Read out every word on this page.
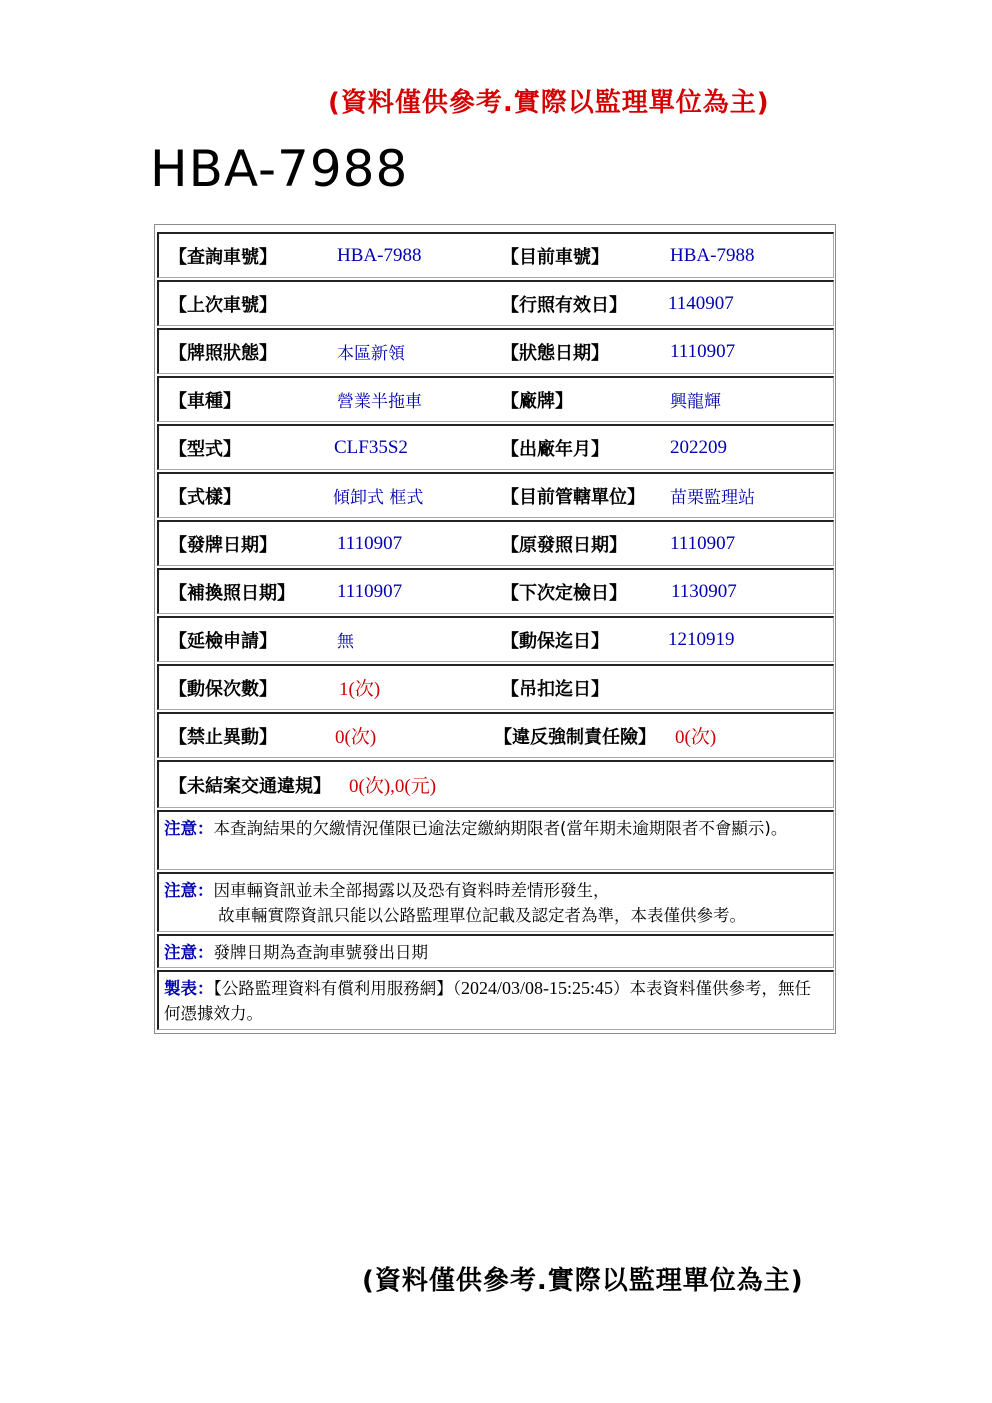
(資料僅供參考.實際以監理單位為主)
HBA-7988
【查詢車號】	HBA-7988	【目前車號】	HBA-7988
【上次車號】	【行照有效日】 1140907
【牌照狀態】	本區新領	【狀態日期】	1110907
【車種】	營業半拖車	【廠牌】	興龍輝
【型式】	CLF35S2	【出廠年月】	202209
【式樣】	傾卸式 框式	【目前管轄單位】 苗栗監理站
【發牌日期】	1110907	【原發照日期】 1110907
【補換照日期】 1110907	【下次定檢日】 1130907
【延檢申請】	無	【動保迄日】	1210919
【動保次數】	1(次)	【吊扣迄日】
【禁止異動】	0(次)	【違反強制責任險】 0(次)
【未結案交通違規】 0(次),0(元)
注意：本查詢結果的欠繳情況僅限已逾法定繳納期限者(當年期未逾期限者不會顯示)。
注意：因車輛資訊並未全部揭露以及恐有資料時差情形發生，
故車輛實際資訊只能以公路監理單位記載及認定者為準，本表僅供參考。
注意：發牌日期為查詢車號發出日期
製表：【公路監理資料有償利用服務網】（2024/03/08-15:25:45）本表資料僅供參考，無任何憑據效力。
(資料僅供參考.實際以監理單位為主)
